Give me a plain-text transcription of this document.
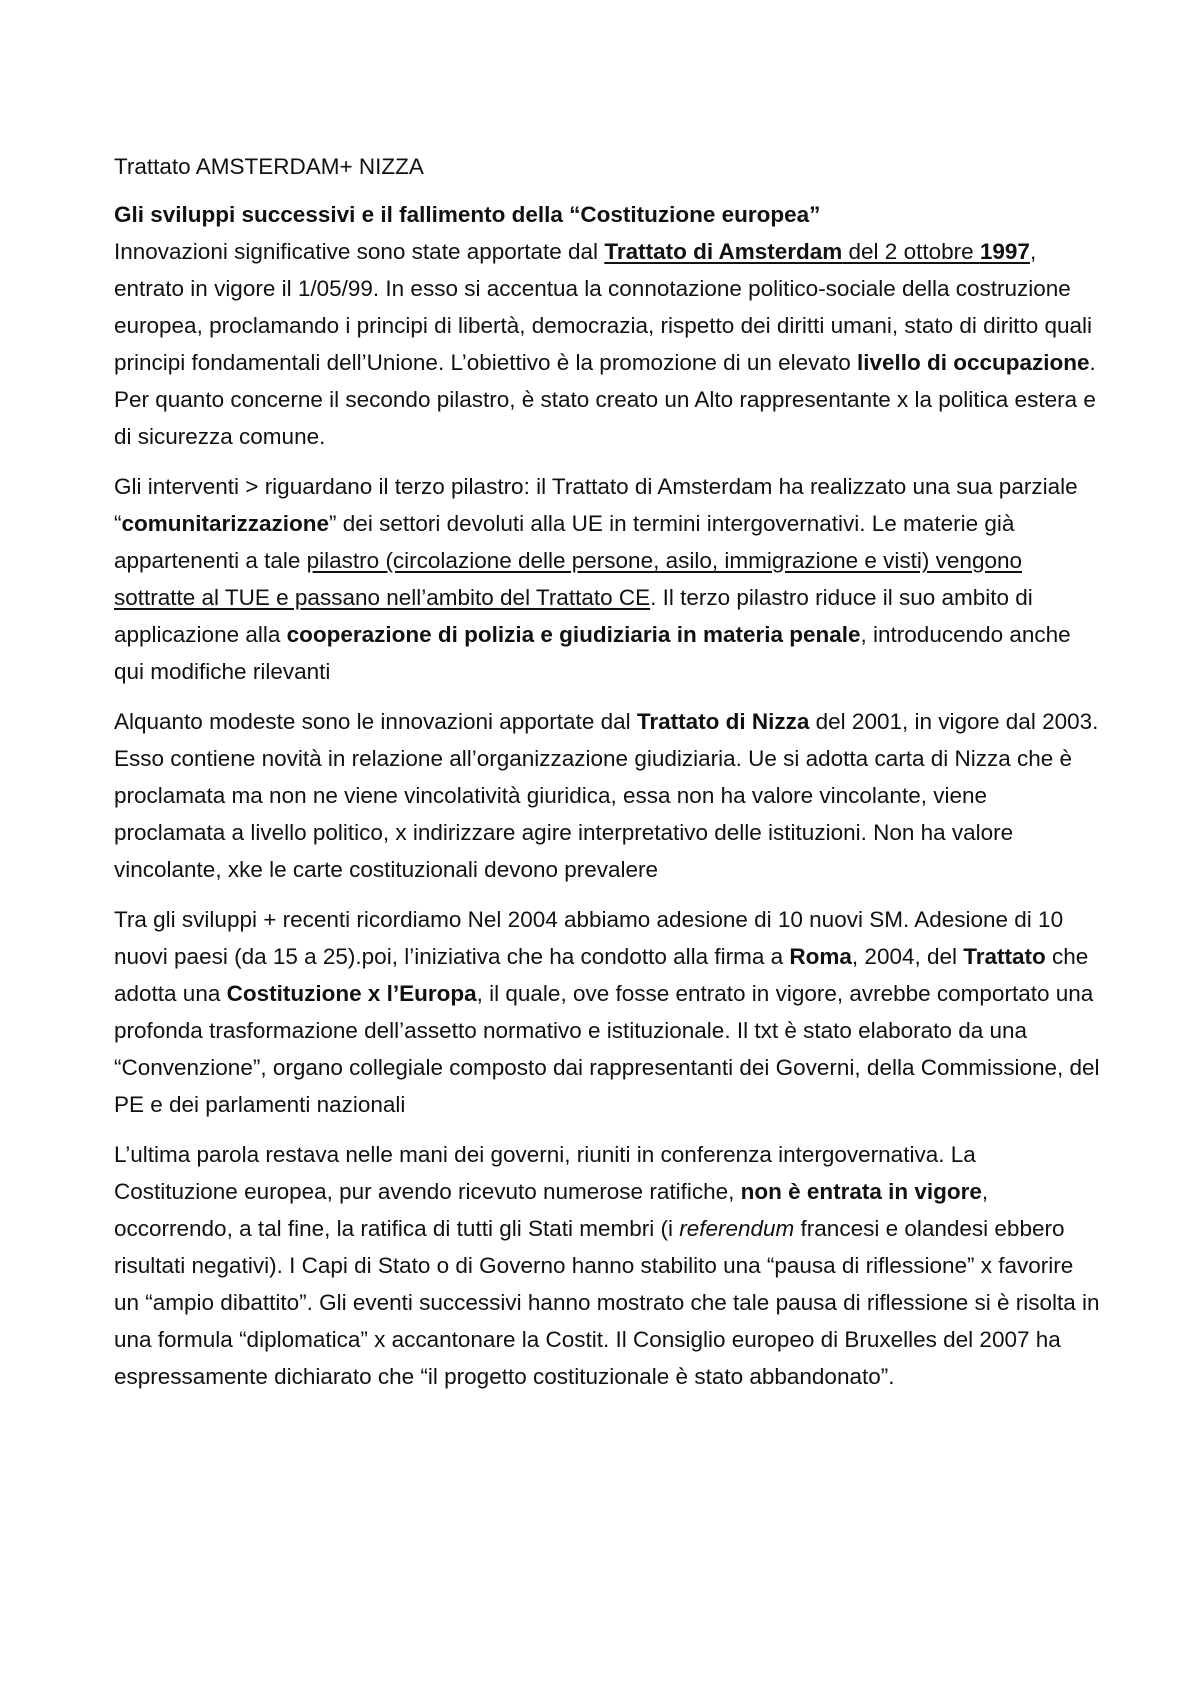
Trattato AMSTERDAM+ NIZZA

Gli sviluppi successivi e il fallimento della “Costituzione europea”
Innovazioni significative sono state apportate dal Trattato di Amsterdam del 2 ottobre 1997, entrato in vigore il 1/05/99. In esso si accentua la connotazione politico-sociale della costruzione europea, proclamando i principi di libertà, democrazia, rispetto dei diritti umani, stato di diritto quali principi fondamentali dell’Unione. L’obiettivo è la promozione di un elevato livello di occupazione.
Per quanto concerne il secondo pilastro, è stato creato un Alto rappresentante x la politica estera e di sicurezza comune.

Gli interventi > riguardano il terzo pilastro: il Trattato di Amsterdam ha realizzato una sua parziale “comunitarizzazione” dei settori devoluti alla UE in termini intergovernativi. Le materie già appartenenti a tale pilastro (circolazione delle persone, asilo, immigrazione e visti) vengono sottratte al TUE e passano nell’ambito del Trattato CE. Il terzo pilastro riduce il suo ambito di applicazione alla cooperazione di polizia e giudiziaria in materia penale, introducendo anche qui modifiche rilevanti

Alquanto modeste sono le innovazioni apportate dal Trattato di Nizza del 2001, in vigore dal 2003. Esso contiene novità in relazione all’organizzazione giudiziaria. Ue si adotta carta di Nizza che è proclamata ma non ne viene vincolatività giuridica, essa non ha valore vincolante, viene proclamata a livello politico, x indirizzare agire interpretativo delle istituzioni. Non ha valore vincolante, xke le carte costituzionali devono prevalere

Tra gli sviluppi + recenti ricordiamo Nel 2004 abbiamo adesione di 10 nuovi SM. Adesione di 10 nuovi paesi (da 15 a 25).poi, l’iniziativa che ha condotto alla firma a Roma, 2004, del Trattato che adotta una Costituzione x l’Europa, il quale, ove fosse entrato in vigore, avrebbe comportato una profonda trasformazione dell’assetto normativo e istituzionale. Il txt è stato elaborato da una “Convenzione”, organo collegiale composto dai rappresentanti dei Governi, della Commissione, del PE e dei parlamenti nazionali

L’ultima parola restava nelle mani dei governi, riuniti in conferenza intergovernativa. La Costituzione europea, pur avendo ricevuto numerose ratifiche, non è entrata in vigore, occorrendo, a tal fine, la ratifica di tutti gli Stati membri (i referendum francesi e olandesi ebbero risultati negativi). I Capi di Stato o di Governo hanno stabilito una “pausa di riflessione” x favorire un “ampio dibattito”. Gli eventi successivi hanno mostrato che tale pausa di riflessione si è risolta in una formula “diplomatica” x accantonare la Costit. Il Consiglio europeo di Bruxelles del 2007 ha espressamente dichiarato che “il progetto costituzionale è stato abbandonato”.
